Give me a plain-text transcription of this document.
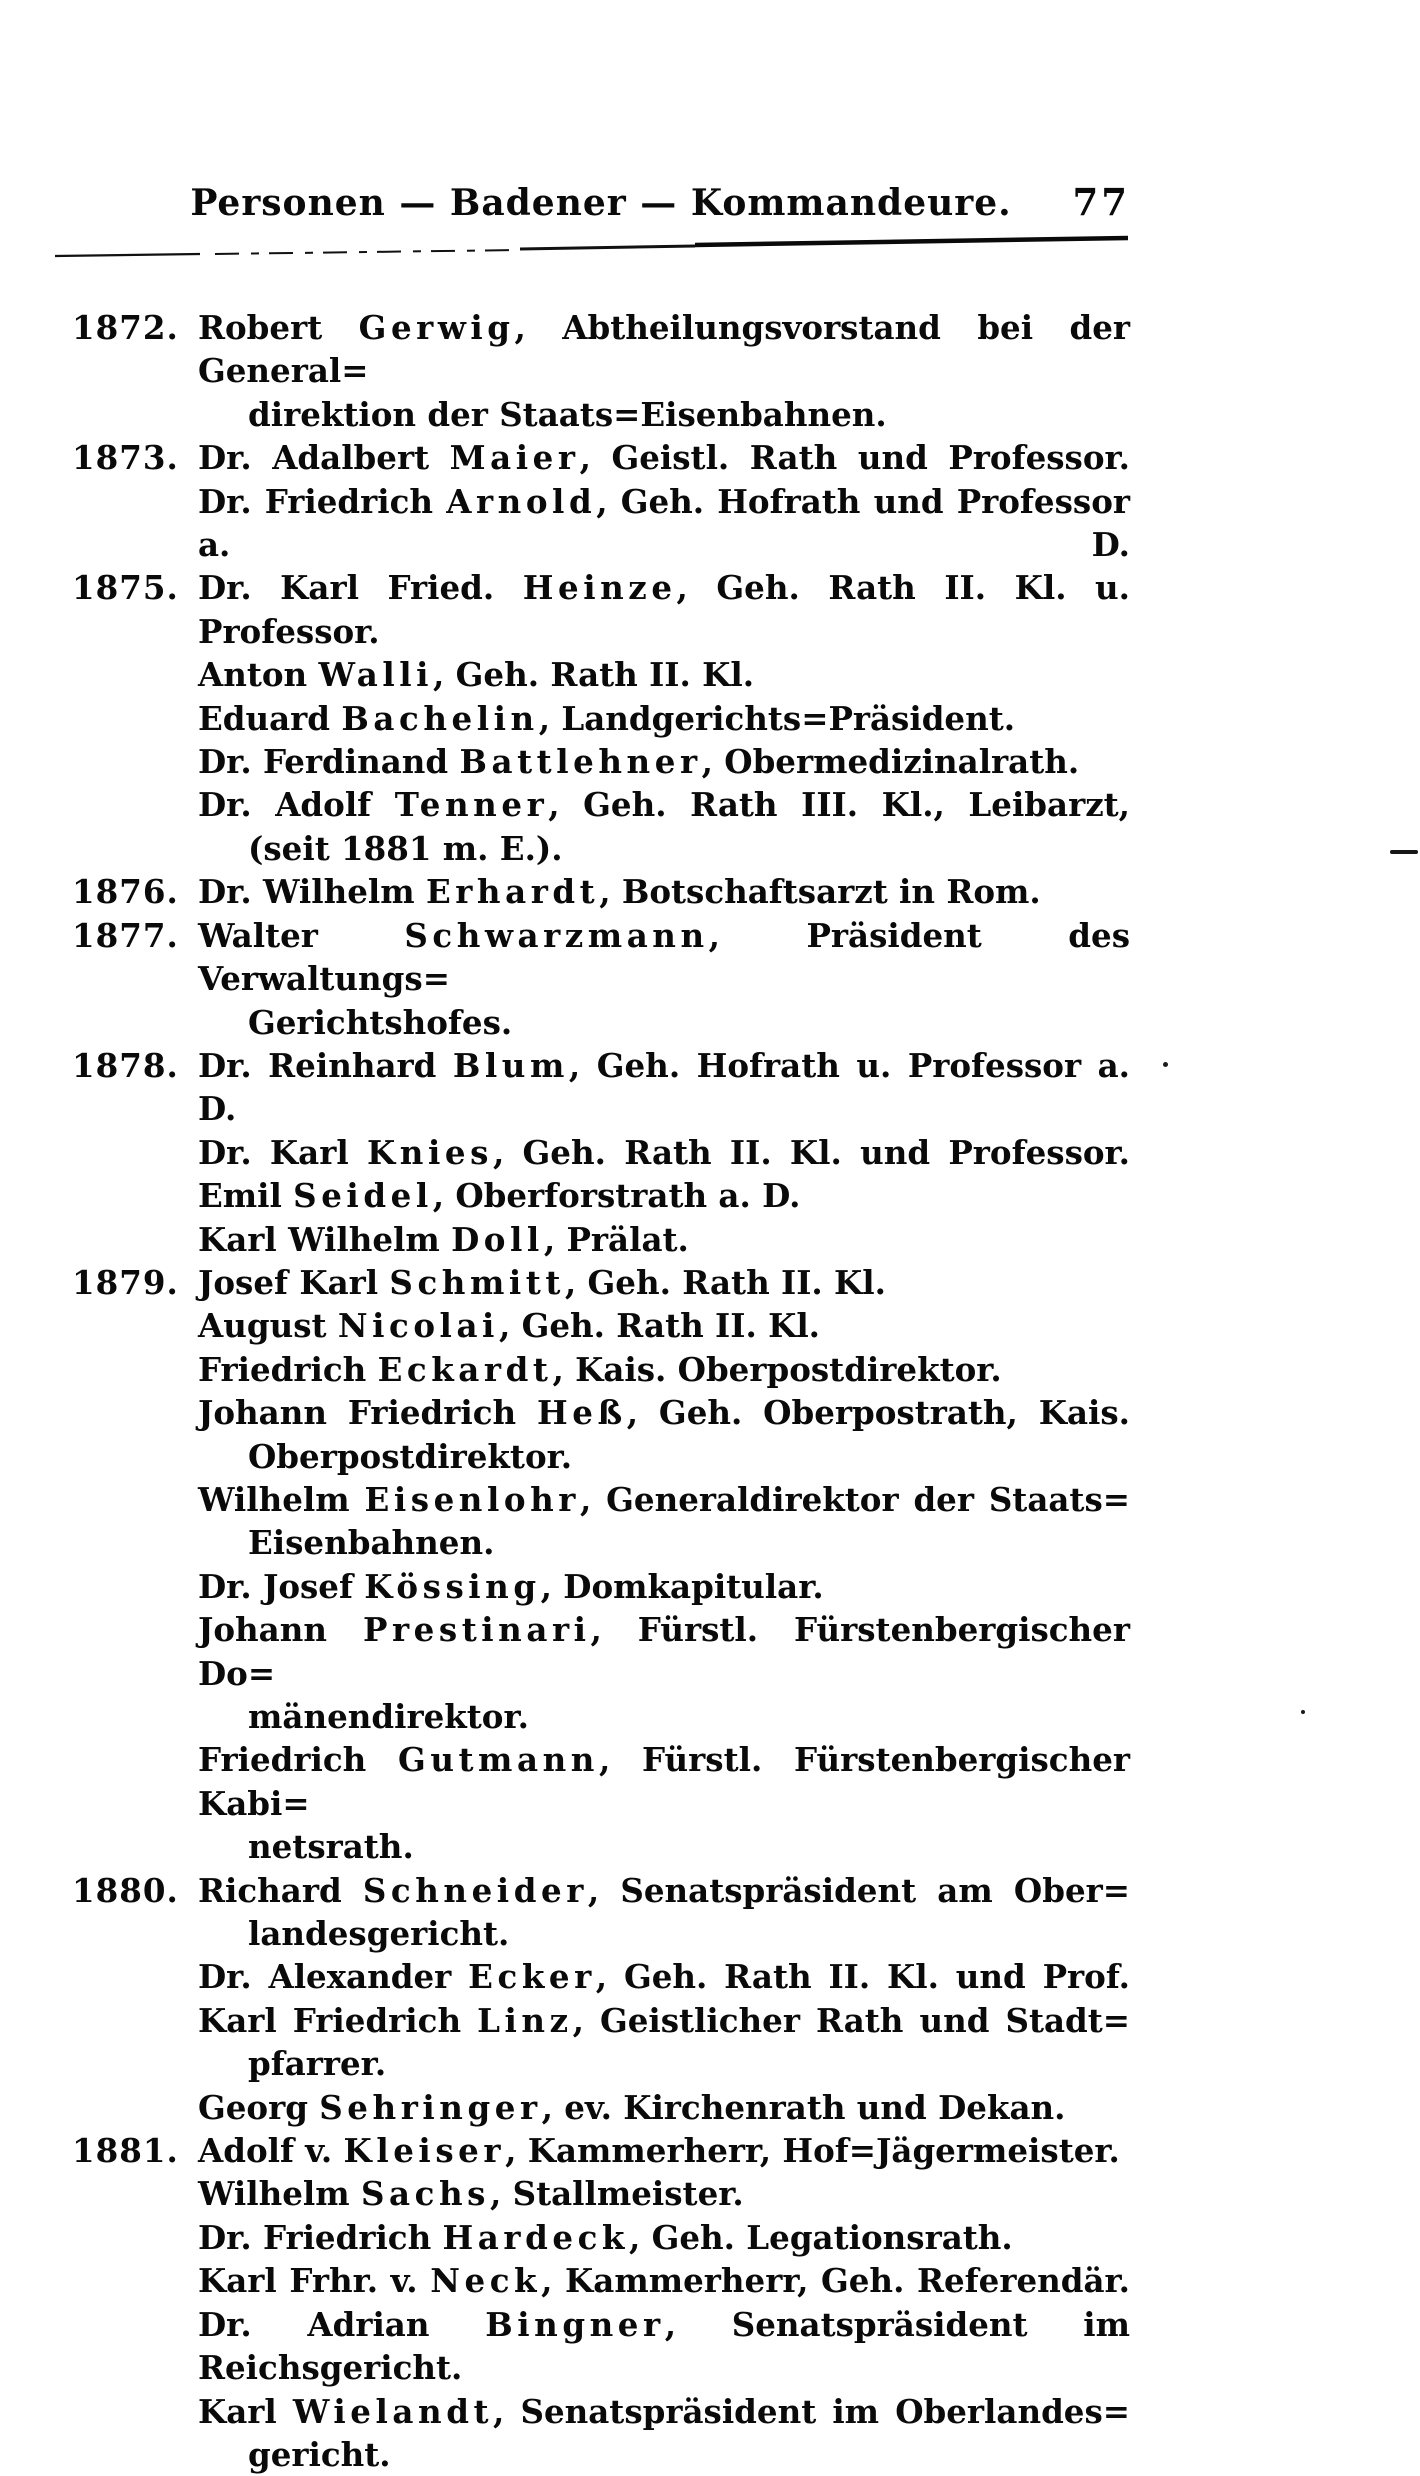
Personen — Badener — Kommandeure.	77
1872. Robert Gerwig, Abtheilungsvorstand bei der General=
direktion der Staats=Eisenbahnen.
1873. Dr. Adalbert Maier, Geistl. Rath und Professor.
Dr. Friedrich Arnold, Geh. Hofrath und Professor a. D.
1875. Dr. Karl Fried. Heinze, Geh. Rath II. Kl. u. Professor.
Anton Walli, Geh. Rath II. Kl.
Eduard Bachelin, Landgerichts=Präsident.
Dr. Ferdinand Battlehner, Obermedizinalrath.
Dr. Adolf Tenner, Geh. Rath III. Kl., Leibarzt,
(seit 1881 m. E.).
1876. Dr. Wilhelm Erhardt, Botschaftsarzt in Rom.
1877. Walter Schwarzmann, Präsident des Verwaltungs=
Gerichtshofes.
1878. Dr. Reinhard Blum, Geh. Hofrath u. Professor a. D.
Dr. Karl Knies, Geh. Rath II. Kl. und Professor.
Emil Seidel, Oberforstrath a. D.
Karl Wilhelm Doll, Prälat.
1879. Josef Karl Schmitt, Geh. Rath II. Kl.
August Nicolai, Geh. Rath II. Kl.
Friedrich Eckardt, Kais. Oberpostdirektor.
Johann Friedrich Heß, Geh. Oberpostrath, Kais.
Oberpostdirektor.
Wilhelm Eisenlohr, Generaldirektor der Staats=
Eisenbahnen.
Dr. Josef Kössing, Domkapitular.
Johann Prestinari, Fürstl. Fürstenbergischer Do=
mänendirektor.
Friedrich Gutmann, Fürstl. Fürstenbergischer Kabi=
netsrath.
1880. Richard Schneider, Senatspräsident am Ober=
landesgericht.
Dr. Alexander Ecker, Geh. Rath II. Kl. und Prof.
Karl Friedrich Linz, Geistlicher Rath und Stadt=
pfarrer.
Georg Sehringer, ev. Kirchenrath und Dekan.
1881. Adolf v. Kleiser, Kammerherr, Hof=Jägermeister.
Wilhelm Sachs, Stallmeister.
Dr. Friedrich Hardeck, Geh. Legationsrath.
Karl Frhr. v. Neck, Kammerherr, Geh. Referendär.
Dr. Adrian Bingner, Senatspräsident im Reichsgericht.
Karl Wielandt, Senatspräsident im Oberlandes=
gericht.
